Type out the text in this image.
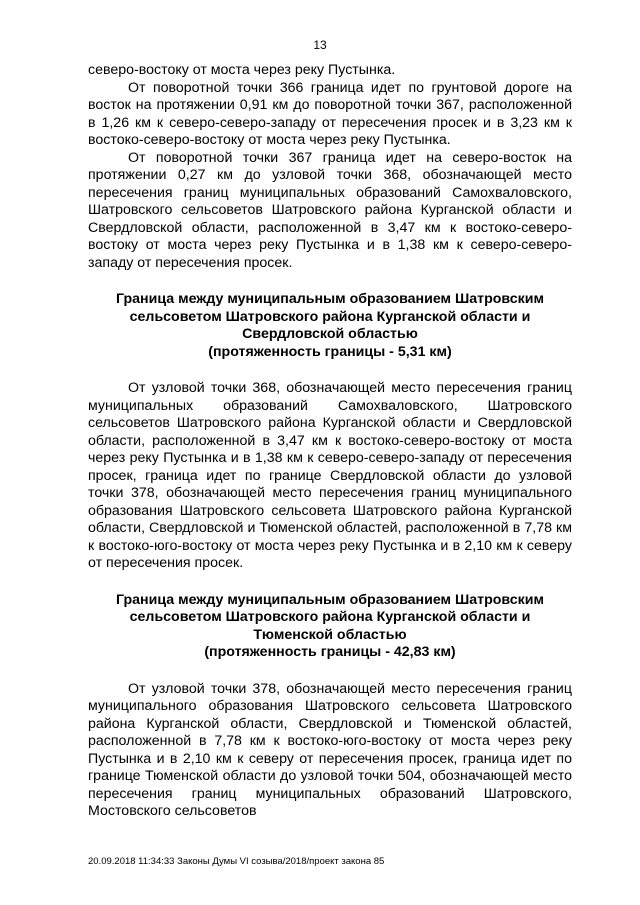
13

северо-востоку от моста через реку Пустынка.

От поворотной точки 366 граница идет по грунтовой дороге на восток на протяжении 0,91 км до поворотной точки 367, расположенной в 1,26 км к северо-северо-западу от пересечения просек и в 3,23 км к востоко-северо-востоку от моста через реку Пустынка.

От поворотной точки 367 граница идет на северо-восток на протяжении 0,27 км до узловой точки 368, обозначающей место пересечения границ муниципальных образований Самохваловского, Шатровского сельсоветов Шатровского района Курганской области и Свердловской области, расположенной в 3,47 км к востоко-северо-востоку от моста через реку Пустынка и в 1,38 км к северо-северо-западу от пересечения просек.

Граница между муниципальным образованием Шатровским сельсоветом Шатровского района Курганской области и Свердловской областью
(протяженность границы - 5,31 км)

От узловой точки 368, обозначающей место пересечения границ муниципальных образований Самохваловского, Шатровского сельсоветов Шатровского района Курганской области и Свердловской области, расположенной в 3,47 км к востоко-северо-востоку от моста через реку Пустынка и в 1,38 км к северо-северо-западу от пересечения просек, граница идет по границе Свердловской области до узловой точки 378, обозначающей место пересечения границ муниципального образования Шатровского сельсовета Шатровского района Курганской области, Свердловской и Тюменской областей, расположенной в 7,78 км к востоко-юго-востоку от моста через реку Пустынка и в 2,10 км к северу от пересечения просек.

Граница между муниципальным образованием Шатровским сельсоветом Шатровского района Курганской области и Тюменской областью
(протяженность границы - 42,83 км)

От узловой точки 378, обозначающей место пересечения границ муниципального образования Шатровского сельсовета Шатровского района Курганской области, Свердловской и Тюменской областей, расположенной в 7,78 км к востоко-юго-востоку от моста через реку Пустынка и в 2,10 км к северу от пересечения просек, граница идет по границе Тюменской области до узловой точки 504, обозначающей место пересечения границ муниципальных образований Шатровского, Мостовского сельсоветов

20.09.2018 11:34:33 Законы Думы VI созыва/2018/проект закона 85
